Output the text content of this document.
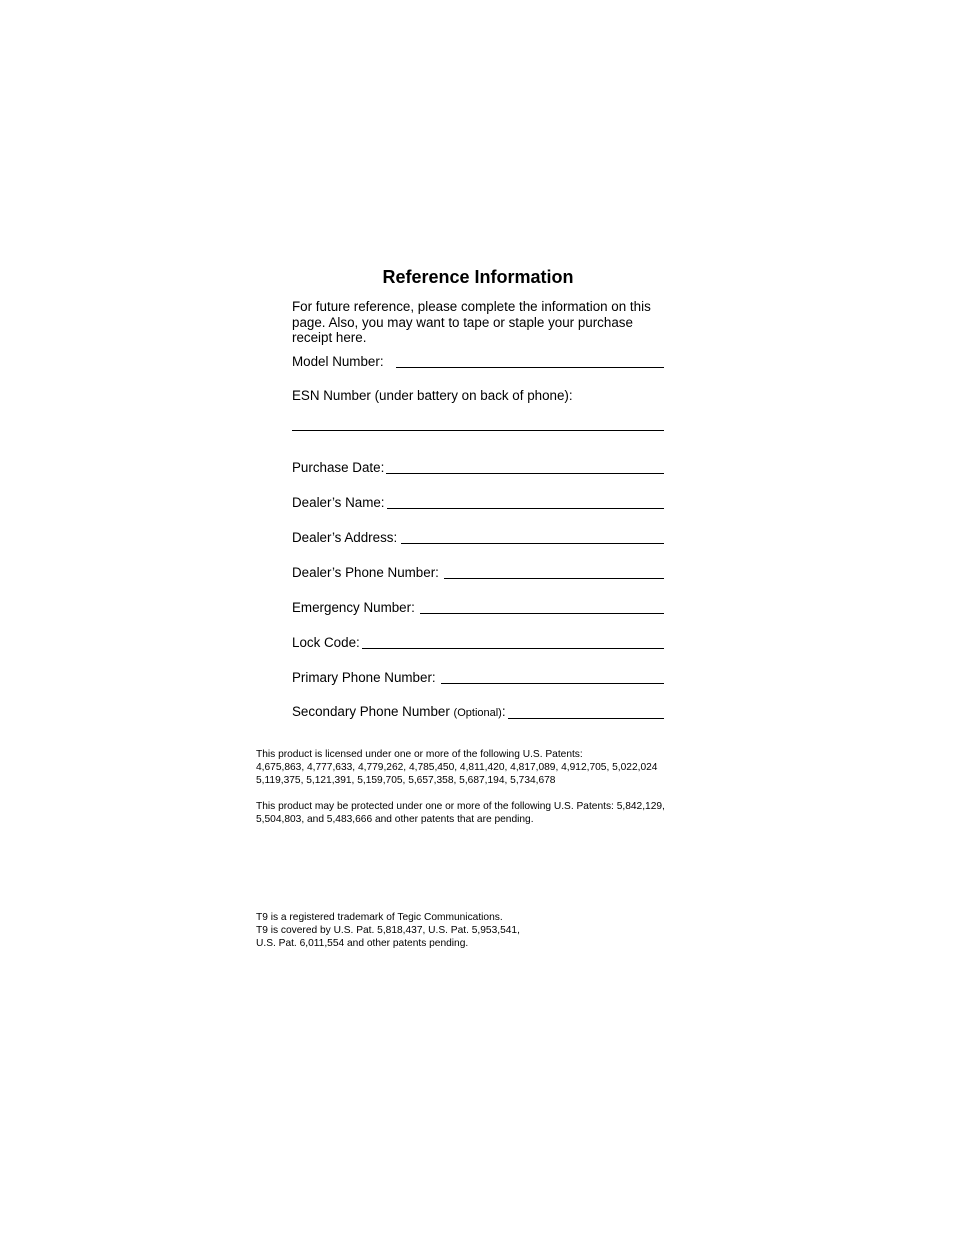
Reference Information

For future reference, please complete the information on this page. Also, you may want to tape or staple your purchase receipt here.

Model Number:

ESN Number (under battery on back of phone):

Purchase Date:
Dealer’s Name:
Dealer’s Address:
Dealer’s Phone Number:
Emergency Number:
Lock Code:
Primary Phone Number:
Secondary Phone Number (Optional):
This product is licensed under one or more of the following U.S. Patents:
4,675,863, 4,777,633, 4,779,262, 4,785,450, 4,811,420, 4,817,089, 4,912,705, 5,022,024
5,119,375, 5,121,391, 5,159,705, 5,657,358, 5,687,194, 5,734,678
This product may be protected under one or more of the following U.S. Patents: 5,842,129,
5,504,803, and 5,483,666 and other patents that are pending.
T9 is a registered trademark of Tegic Communications.
T9 is covered by U.S. Pat. 5,818,437, U.S. Pat. 5,953,541,
U.S. Pat. 6,011,554 and other patents pending.
